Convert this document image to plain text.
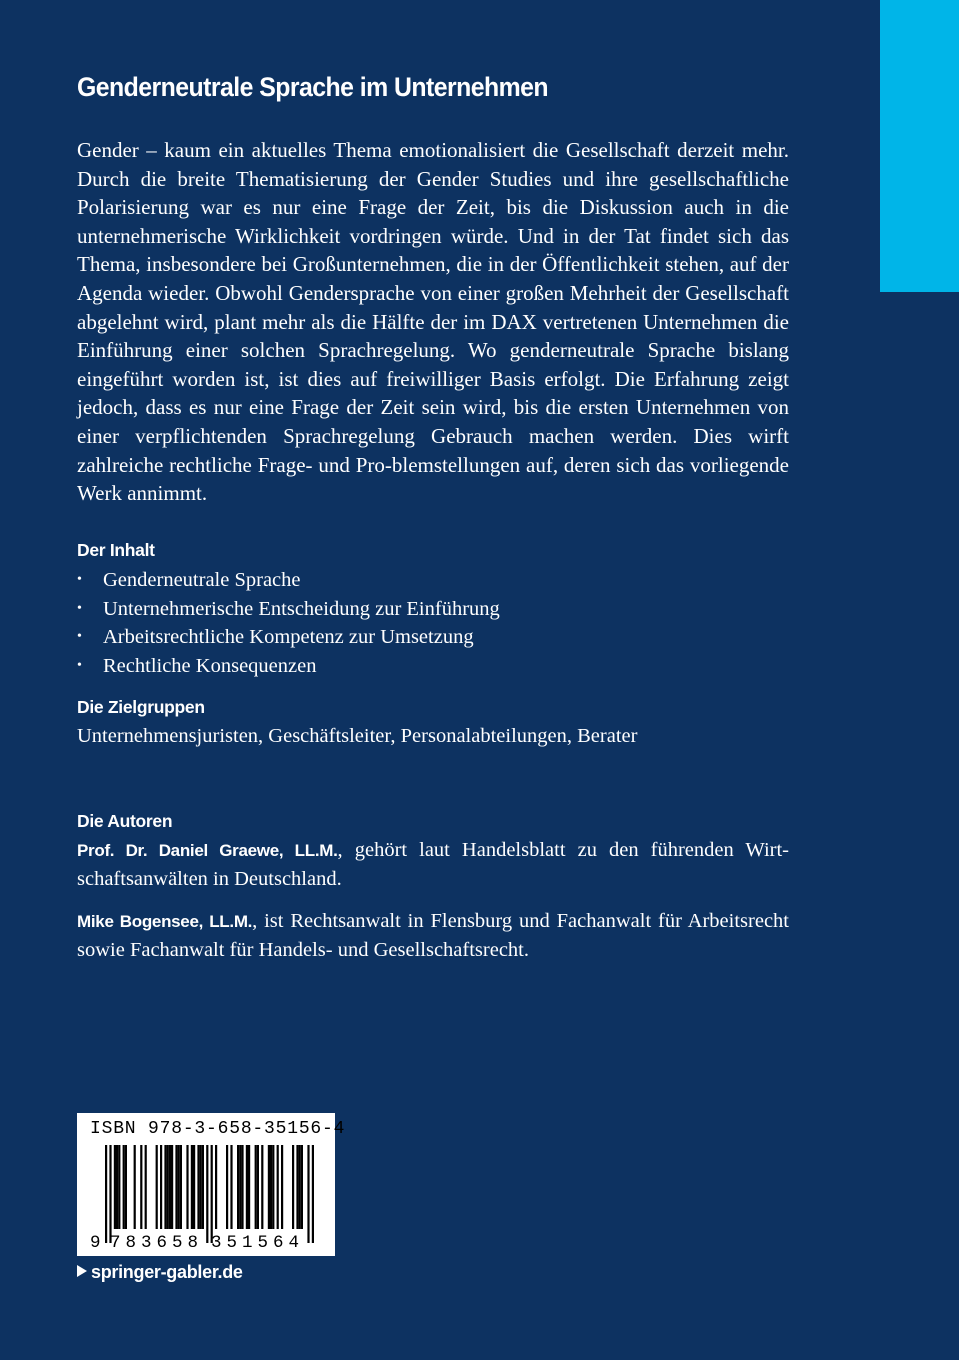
Genderneutrale Sprache im Unternehmen

Gender – kaum ein aktuelles Thema emotionalisiert die Gesellschaft derzeit mehr. Durch die breite Thematisierung der Gender Studies und ihre gesellschaftliche Polarisierung war es nur eine Frage der Zeit, bis die Diskussion auch in die unternehmerische Wirklichkeit vordringen würde. Und in der Tat findet sich das Thema, insbesondere bei Großunternehmen, die in der Öffentlichkeit stehen, auf der Agenda wieder. Obwohl Gendersprache von einer großen Mehrheit der Gesellschaft abgelehnt wird, plant mehr als die Hälfte der im DAX vertretenen Unternehmen die Einführung einer solchen Sprachregelung. Wo genderneutrale Sprache bislang eingeführt worden ist, ist dies auf freiwilliger Basis erfolgt. Die Erfahrung zeigt jedoch, dass es nur eine Frage der Zeit sein wird, bis die ersten Unternehmen von einer verpflichtenden Sprachregelung Gebrauch machen werden. Dies wirft zahlreiche rechtliche Frage- und Pro-blemstellungen auf, deren sich das vorliegende Werk annimmt.

Der Inhalt
• Genderneutrale Sprache
• Unternehmerische Entscheidung zur Einführung
• Arbeitsrechtliche Kompetenz zur Umsetzung
• Rechtliche Konsequenzen
Die Zielgruppen

Unternehmensjuristen, Geschäftsleiter, Personalabteilungen, Berater

Die Autoren

Prof. Dr. Daniel Graewe, LL.M., gehört laut Handelsblatt zu den führenden Wirtschaftsanwälten in Deutschland.

Mike Bogensee, LL.M., ist Rechtsanwalt in Flensburg und Fachanwalt für Arbeitsrecht sowie Fachanwalt für Handels- und Gesellschaftsrecht.

ISBN 978-3-658-35156-4
9 783658 351564

springer-gabler.de
